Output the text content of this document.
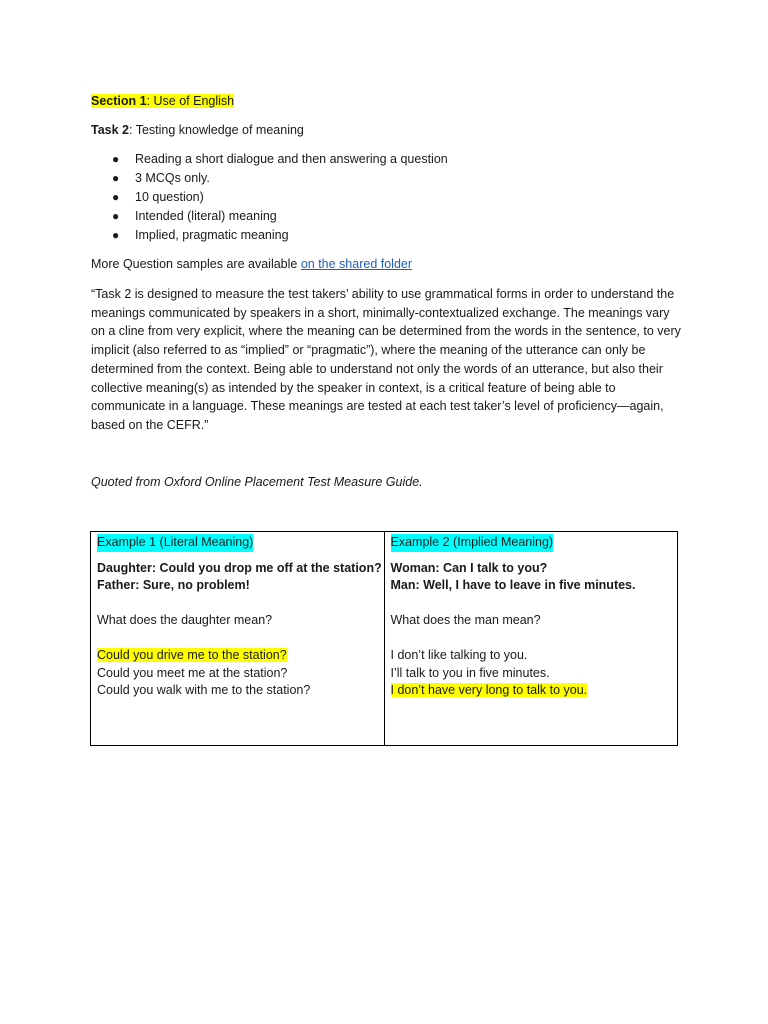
Section 1: Use of English
Task 2: Testing knowledge of meaning
● Reading a short dialogue and then answering a question
● 3 MCQs only.
● 10 question)
● Intended (literal) meaning
● Implied, pragmatic meaning
More Question samples are available on the shared folder

“Task 2 is designed to measure the test takers’ ability to use grammatical forms in order to understand the meanings communicated by speakers in a short, minimally-contextualized exchange. The meanings vary on a cline from very explicit, where the meaning can be determined from the words in the sentence, to very implicit (also referred to as “implied” or “pragmatic”), where the meaning of the utterance can only be determined from the context. Being able to understand not only the words of an utterance, but also their collective meaning(s) as intended by the speaker in context, is a critical feature of being able to communicate in a language. These meanings are tested at each test taker’s level of proficiency—again, based on the CEFR.”

Quoted from Oxford Online Placement Test Measure Guide.
Example 1 (Literal Meaning)
Daughter: Could you drop me off at the station?
Father: Sure, no problem!
What does the daughter mean?
Could you drive me to the station?
Could you meet me at the station?
Could you walk with me to the station?
	Example 2 (Implied Meaning)
Woman: Can I talk to you?
Man: Well, I have to leave in five minutes.
What does the man mean?
I don’t like talking to you.
I’ll talk to you in five minutes.
I don’t have very long to talk to you.
